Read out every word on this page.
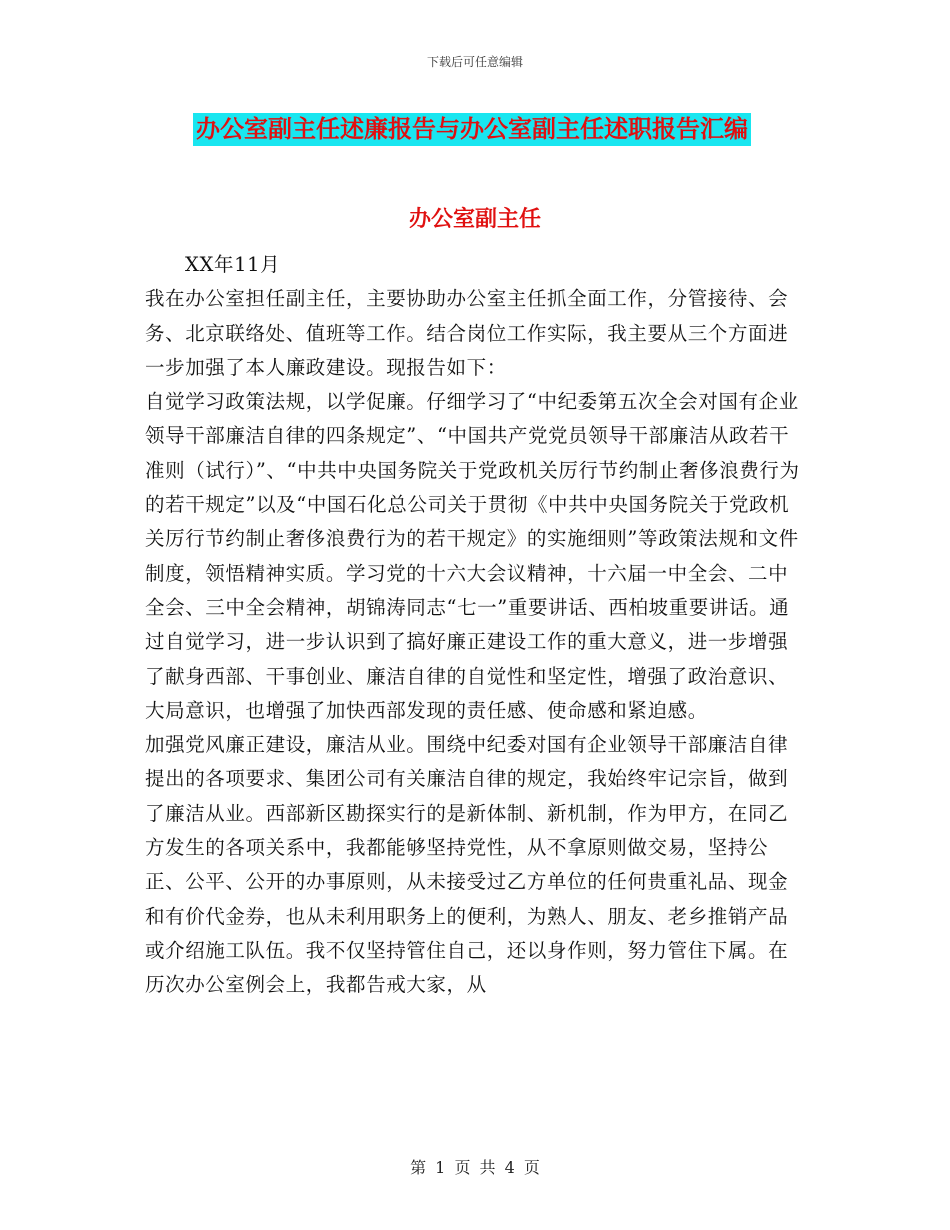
下载后可任意编辑
办公室副主任述廉报告与办公室副主任述职报告汇编
办公室副主任

XX年11月

我在办公室担任副主任，主要协助办公室主任抓全面工作，分管接待、会务、北京联络处、值班等工作。结合岗位工作实际，我主要从三个方面进一步加强了本人廉政建设。现报告如下：

自觉学习政策法规，以学促廉。仔细学习了“中纪委第五次全会对国有企业领导干部廉洁自律的四条规定”、“中国共产党党员领导干部廉洁从政若干准则（试行）”、“中共中央国务院关于党政机关厉行节约制止奢侈浪费行为的若干规定”以及“中国石化总公司关于贯彻《中共中央国务院关于党政机关厉行节约制止奢侈浪费行为的若干规定》的实施细则”等政策法规和文件制度，领悟精神实质。学习党的十六大会议精神，十六届一中全会、二中全会、三中全会精神，胡锦涛同志“七一”重要讲话、西柏坡重要讲话。通过自觉学习，进一步认识到了搞好廉正建设工作的重大意义，进一步增强了献身西部、干事创业、廉洁自律的自觉性和坚定性，增强了政治意识、大局意识，也增强了加快西部发现的责任感、使命感和紧迫感。

加强党风廉正建设，廉洁从业。围绕中纪委对国有企业领导干部廉洁自律提出的各项要求、集团公司有关廉洁自律的规定，我始终牢记宗旨，做到了廉洁从业。西部新区勘探实行的是新体制、新机制，作为甲方，在同乙方发生的各项关系中，我都能够坚持党性，从不拿原则做交易，坚持公正、公平、公开的办事原则，从未接受过乙方单位的任何贵重礼品、现金和有价代金券，也从未利用职务上的便利，为熟人、朋友、老乡推销产品或介绍施工队伍。我不仅坚持管住自己，还以身作则，努力管住下属。在历次办公室例会上，我都告戒大家，从

第 1 页 共 4 页
